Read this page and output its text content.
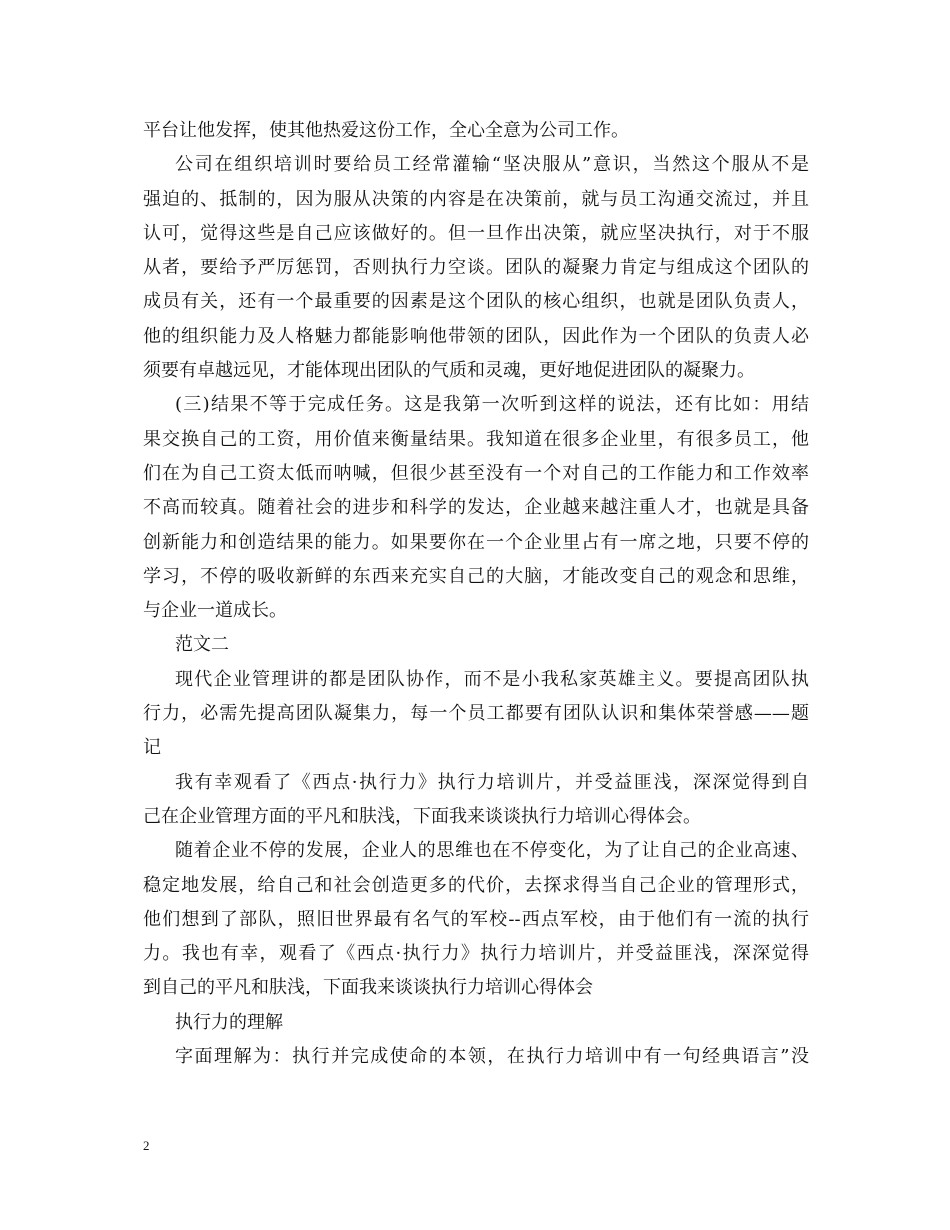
平台让他发挥，使其他热爱这份工作，全心全意为公司工作。
公司在组织培训时要给员工经常灌输“坚决服从”意识，当然这个服从不是
强迫的、抵制的，因为服从决策的内容是在决策前，就与员工沟通交流过，并且
认可，觉得这些是自己应该做好的。但一旦作出决策，就应坚决执行，对于不服
从者，要给予严厉惩罚，否则执行力空谈。团队的凝聚力肯定与组成这个团队的
成员有关，还有一个最重要的因素是这个团队的核心组织，也就是团队负责人，
他的组织能力及人格魅力都能影响他带领的团队，因此作为一个团队的负责人必
须要有卓越远见，才能体现出团队的气质和灵魂，更好地促进团队的凝聚力。
(三)结果不等于完成任务。这是我第一次听到这样的说法，还有比如：用结
果交换自己的工资，用价值来衡量结果。我知道在很多企业里，有很多员工，他
们在为自己工资太低而呐喊，但很少甚至没有一个对自己的工作能力和工作效率
不高而较真。随着社会的进步和科学的发达，企业越来越注重人才，也就是具备
创新能力和创造结果的能力。如果要你在一个企业里占有一席之地，只要不停的
学习，不停的吸收新鲜的东西来充实自己的大脑，才能改变自己的观念和思维，
与企业一道成长。
范文二
现代企业管理讲的都是团队协作，而不是小我私家英雄主义。要提高团队执
行力，必需先提高团队凝集力，每一个员工都要有团队认识和集体荣誉感——题
记
我有幸观看了《西点·执行力》执行力培训片，并受益匪浅，深深觉得到自
己在企业管理方面的平凡和肤浅，下面我来谈谈执行力培训心得体会。
随着企业不停的发展，企业人的思维也在不停变化，为了让自己的企业高速、
稳定地发展，给自己和社会创造更多的代价，去探求得当自己企业的管理形式，
他们想到了部队，照旧世界最有名气的军校--西点军校，由于他们有一流的执行
力。我也有幸，观看了《西点·执行力》执行力培训片，并受益匪浅，深深觉得
到自己的平凡和肤浅，下面我来谈谈执行力培训心得体会
执行力的理解
字面理解为：执行并完成使命的本领，在执行力培训中有一句经典语言”没
2
